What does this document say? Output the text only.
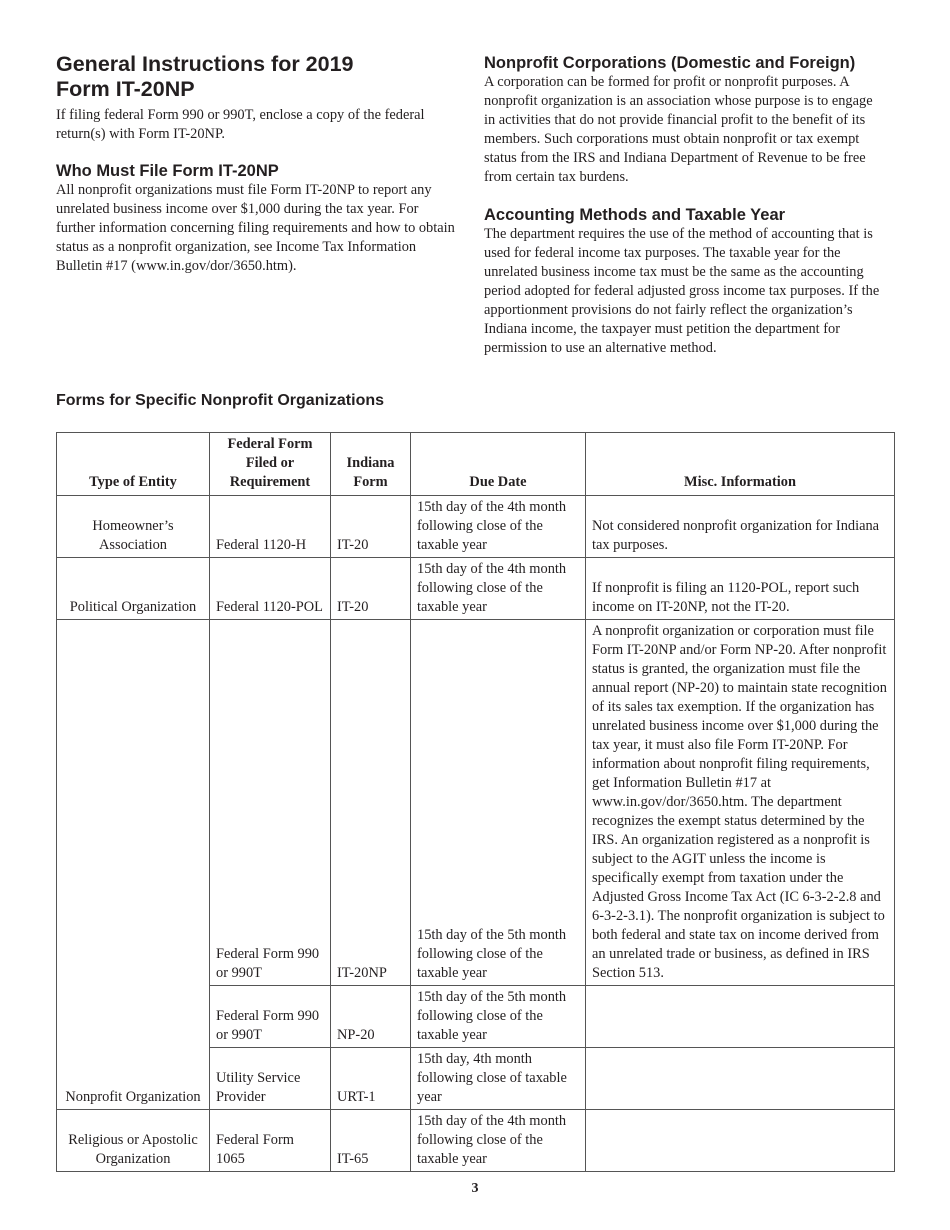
General Instructions for 2019
Form IT-20NP

If filing federal Form 990 or 990T, enclose a copy of the federal return(s) with Form IT-20NP.

Who Must File Form IT-20NP

All nonprofit organizations must file Form IT-20NP to report any unrelated business income over $1,000 during the tax year. For further information concerning filing requirements and how to obtain status as a nonprofit organization, see Income Tax Information Bulletin #17 (www.in.gov/dor/3650.htm).

Nonprofit Corporations (Domestic and Foreign)

A corporation can be formed for profit or nonprofit purposes. A nonprofit organization is an association whose purpose is to engage in activities that do not provide financial profit to the benefit of its members. Such corporations must obtain nonprofit or tax exempt status from the IRS and Indiana Department of Revenue to be free from certain tax burdens.

Accounting Methods and Taxable Year

The department requires the use of the method of accounting that is used for federal income tax purposes. The taxable year for the unrelated business income tax must be the same as the accounting period adopted for federal adjusted gross income tax purposes. If the apportionment provisions do not fairly reflect the organization’s Indiana income, the taxpayer must petition the department for permission to use an alternative method.

Forms for Specific Nonprofit Organizations
Type of Entity	Federal Form Filed or Requirement	Indiana Form	Due Date	Misc. Information
Homeowner’s Association	Federal 1120-H	IT-20	15th day of the 4th month following close of the taxable year	Not considered nonprofit organization for Indiana tax purposes.
Political Organization	Federal 1120-POL	IT-20	15th day of the 4th month following close of the taxable year	If nonprofit is filing an 1120-POL, report such income on IT-20NP, not the IT-20.
Nonprofit Organization	Federal Form 990 or 990T	IT-20NP	15th day of the 5th month following close of the taxable year	A nonprofit organization or corporation must file Form IT-20NP and/or Form NP-20. After nonprofit status is granted, the organization must file the annual report (NP-20) to maintain state recognition of its sales tax exemption. If the organization has unrelated business income over $1,000 during the tax year, it must also file Form IT-20NP. For information about nonprofit filing requirements, get Information Bulletin #17 at www.in.gov/dor/3650.htm. The department recognizes the exempt status determined by the IRS. An organization registered as a nonprofit is subject to the AGIT unless the income is specifically exempt from taxation under the Adjusted Gross Income Tax Act (IC 6-3-2-2.8 and 6-3-2-3.1). The nonprofit organization is subject to both federal and state tax on income derived from an unrelated trade or business, as defined in IRS Section 513.
	Federal Form 990 or 990T	NP-20	15th day of the 5th month following close of the taxable year	
	Utility Service Provider	URT-1	15th day, 4th month following close of taxable year	
Religious or Apostolic Organization	Federal Form 1065	IT-65	15th day of the 4th month following close of the taxable year	
3
